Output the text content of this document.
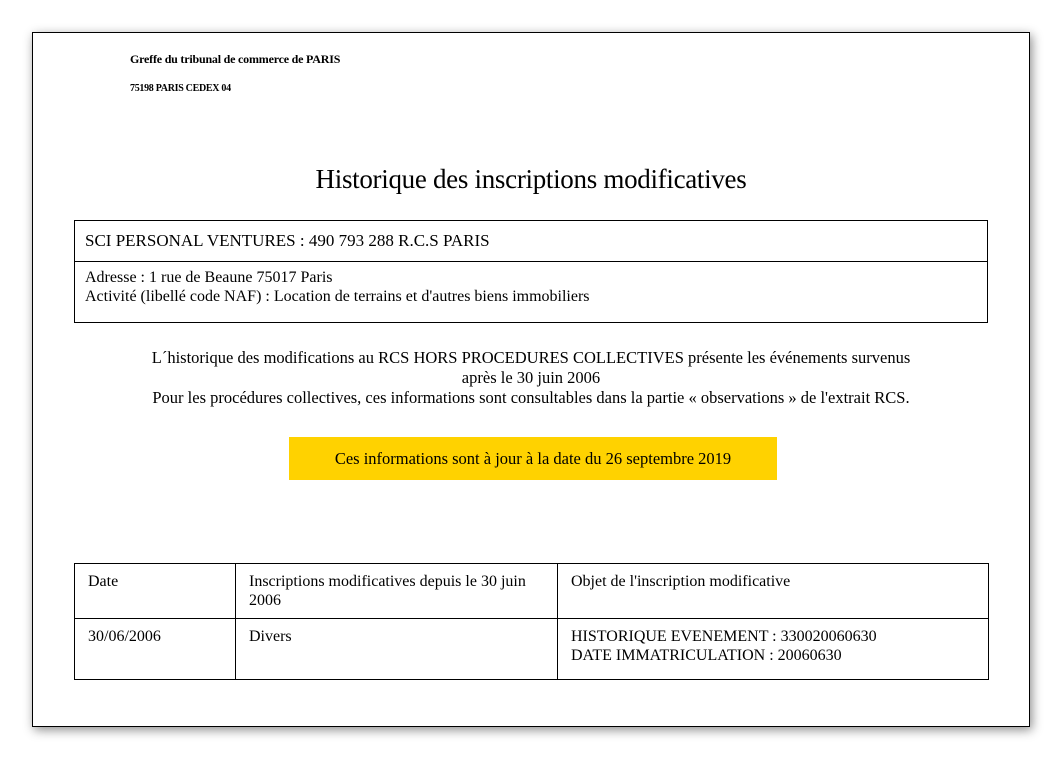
Greffe du tribunal de commerce de PARIS
75198 PARIS CEDEX 04
Historique des inscriptions modificatives
SCI PERSONAL VENTURES : 490 793 288 R.C.S PARIS
Adresse : 1 rue de Beaune 75017 Paris
Activité (libellé code NAF) : Location de terrains et d'autres biens immobiliers
L´historique des modifications au RCS HORS PROCEDURES COLLECTIVES présente les événements survenus
après le 30 juin 2006
Pour les procédures collectives, ces informations sont consultables dans la partie « observations » de l'extrait RCS.
Ces informations sont à jour à la date du 26 septembre 2019
Date	Inscriptions modificatives depuis le 30 juin 2006	Objet de l'inscription modificative
30/06/2006	Divers	HISTORIQUE EVENEMENT : 330020060630
DATE IMMATRICULATION : 20060630
